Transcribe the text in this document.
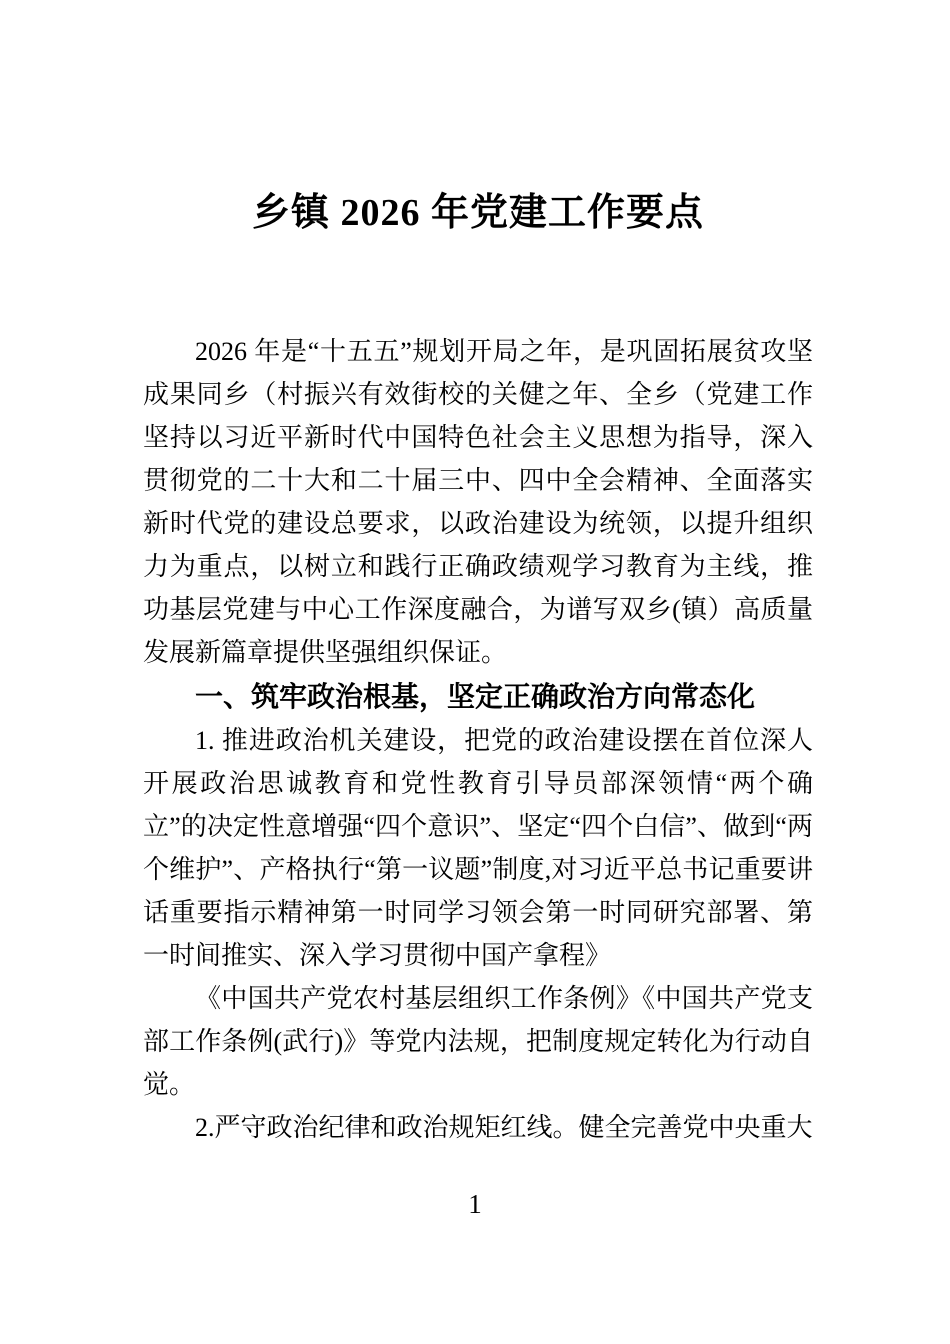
乡镇 2026 年党建工作要点

2026 年是“十五五”规划开局之年，是巩固拓展贫攻坚成果同乡（村振兴有效街校的关健之年、全乡（党建工作坚持以习近平新时代中国特色社会主义思想为指导，深入贯彻党的二十大和二十届三中、四中全会精神、全面落实新时代党的建设总要求，以政治建设为统领，以提升组织力为重点，以树立和践行正确政绩观学习教育为主线，推功基层党建与中心工作深度融合，为谱写双乡(镇）高质量发展新篇章提供坚强组织保证。

一、筑牢政治根基，坚定正确政治方向常态化

1. 推进政治机关建设，把党的政治建设摆在首位深人开展政治思诚教育和党性教育引导员部深领情“两个确立”的决定性意增强“四个意识”、坚定“四个白信”、做到“两个维护”、产格执行“第一议题”制度,对习近平总书记重要讲话重要指示精神第一时同学习领会第一时同研究部署、第一时间推实、深入学习贯彻中国产拿程》

《中国共产党农村基层组织工作条例》《中国共产党支部工作条例(武行)》等党内法规，把制度规定转化为行动自觉。

2.严守政治纪律和政治规矩红线。健全完善党中央重大

1
